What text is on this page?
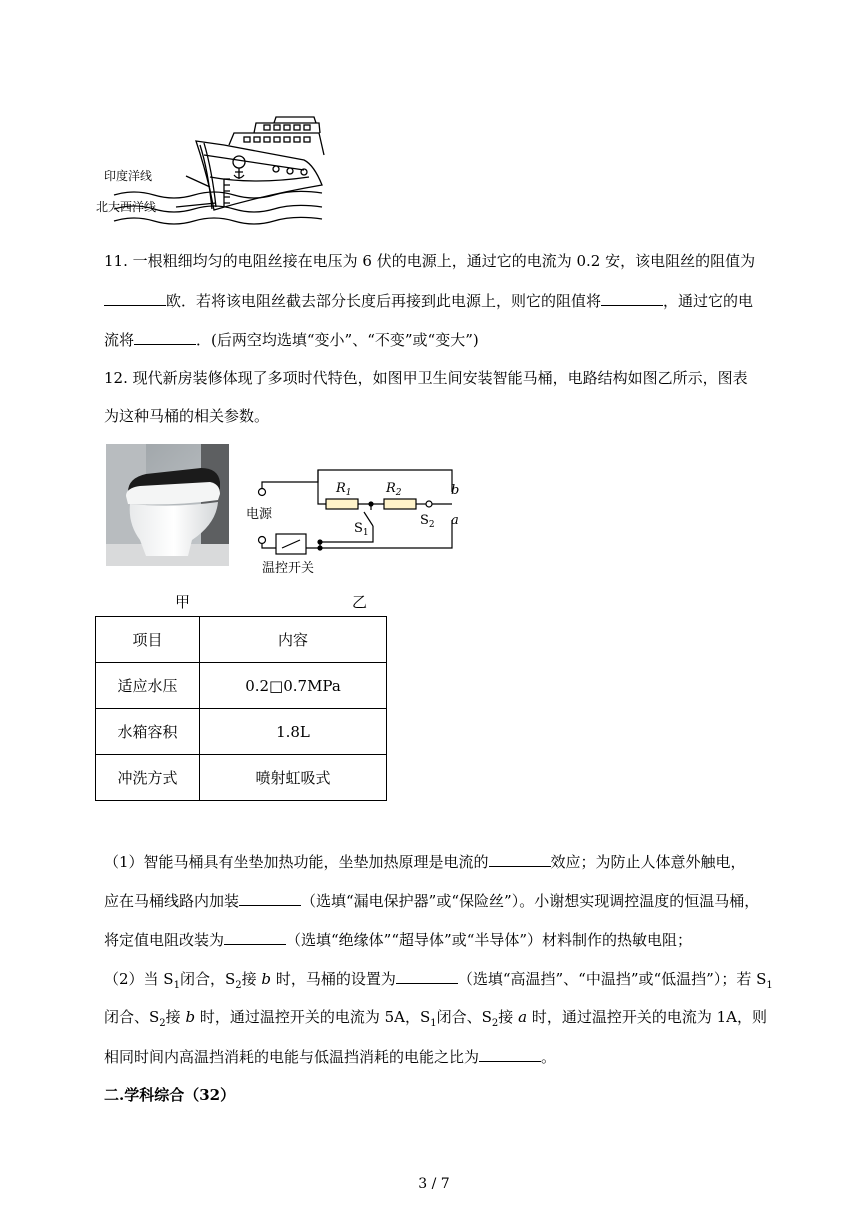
印度洋线
北大西洋线
11. 一根粗细均匀的电阻丝接在电压为 6 伏的电源上，通过它的电流为 0.2 安，该电阻丝的阻值为
欧．若将该电阻丝截去部分长度后再接到此电源上，则它的阻值将	，通过它的电
流将	．(后两空均选填“变小”、“不变”或“变大”)
12. 现代新房装修体现了多项时代特色，如图甲卫生间安装智能马桶，电路结构如图乙所示，图表
为这种马桶的相关参数。
$R_1$	$R_2$	b
a
$S_1$
$S_2$
电源
温控开关
甲	乙
项目	内容
适应水压	0.2□0.7MPa
水箱容积	1.8L
冲洗方式	喷射虹吸式
（1）智能马桶具有坐垫加热功能，坐垫加热原理是电流的	效应；为防止人体意外触电，
应在马桶线路内加装	（选填“漏电保护器”或“保险丝”）。小谢想实现调控温度的恒温马桶，
将定值电阻改装为	（选填“绝缘体”“超导体”或“半导体”）材料制作的热敏电阻；
（2）当 $S_1$闭合，$S_2$接 b 时，马桶的设置为	（选填“高温挡”、“中温挡”或“低温挡”）；若 $S_1$
闭合、$S_2$接 b 时，通过温控开关的电流为 5A，$S_1$闭合、$S_2$接 a 时，通过温控开关的电流为 1A，则
相同时间内高温挡消耗的电能与低温挡消耗的电能之比为	。
二.学科综合（32）
3 / 7
